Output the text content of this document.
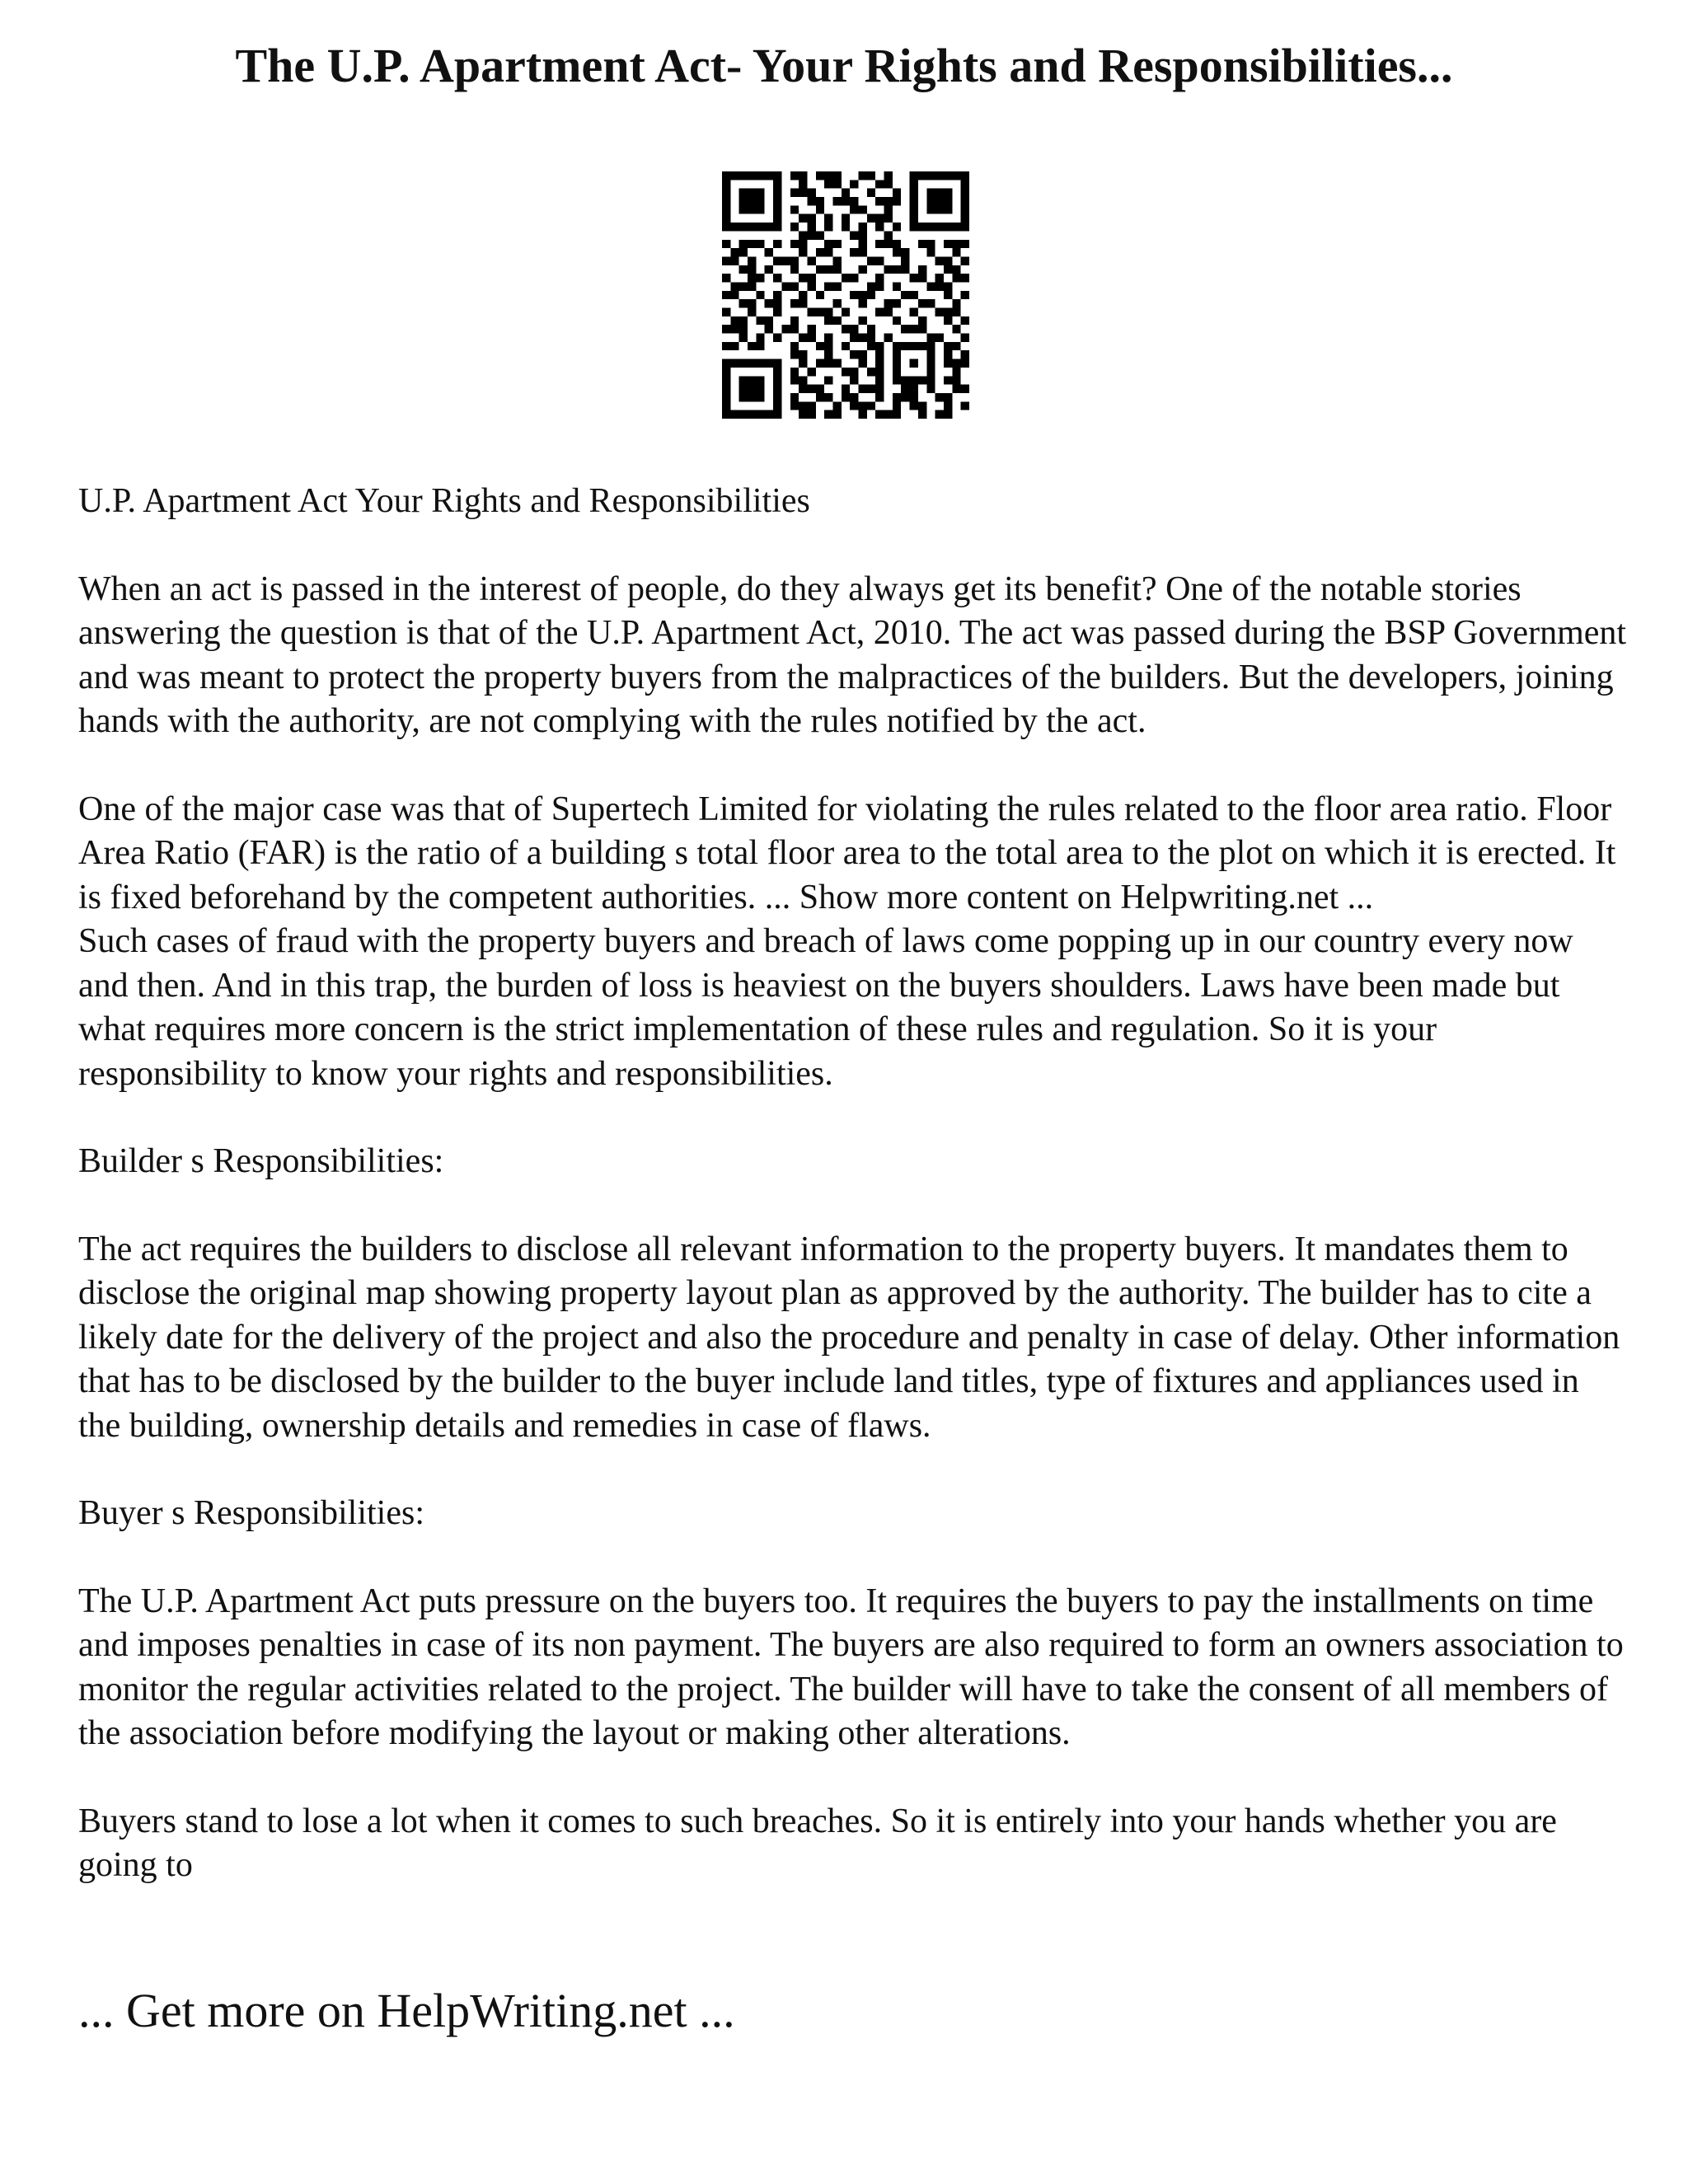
The U.P. Apartment Act- Your Rights and Responsibilities...

U.P. Apartment Act Your Rights and Responsibilities

When an act is passed in the interest of people, do they always get its benefit? One of the notable stories answering the question is that of the U.P. Apartment Act, 2010. The act was passed during the BSP Government and was meant to protect the property buyers from the malpractices of the builders. But the developers, joining hands with the authority, are not complying with the rules notified by the act.

One of the major case was that of Supertech Limited for violating the rules related to the floor area ratio. Floor Area Ratio (FAR) is the ratio of a building s total floor area to the total area to the plot on which it is erected. It is fixed beforehand by the competent authorities. ... Show more content on Helpwriting.net ...

Such cases of fraud with the property buyers and breach of laws come popping up in our country every now and then. And in this trap, the burden of loss is heaviest on the buyers shoulders. Laws have been made but what requires more concern is the strict implementation of these rules and regulation. So it is your responsibility to know your rights and responsibilities.

Builder s Responsibilities:

The act requires the builders to disclose all relevant information to the property buyers. It mandates them to disclose the original map showing property layout plan as approved by the authority. The builder has to cite a likely date for the delivery of the project and also the procedure and penalty in case of delay. Other information that has to be disclosed by the builder to the buyer include land titles, type of fixtures and appliances used in the building, ownership details and remedies in case of flaws.

Buyer s Responsibilities:

The U.P. Apartment Act puts pressure on the buyers too. It requires the buyers to pay the installments on time and imposes penalties in case of its non payment. The buyers are also required to form an owners association to monitor the regular activities related to the project. The builder will have to take the consent of all members of the association before modifying the layout or making other alterations.

Buyers stand to lose a lot when it comes to such breaches. So it is entirely into your hands whether you are going to

... Get more on HelpWriting.net ...
